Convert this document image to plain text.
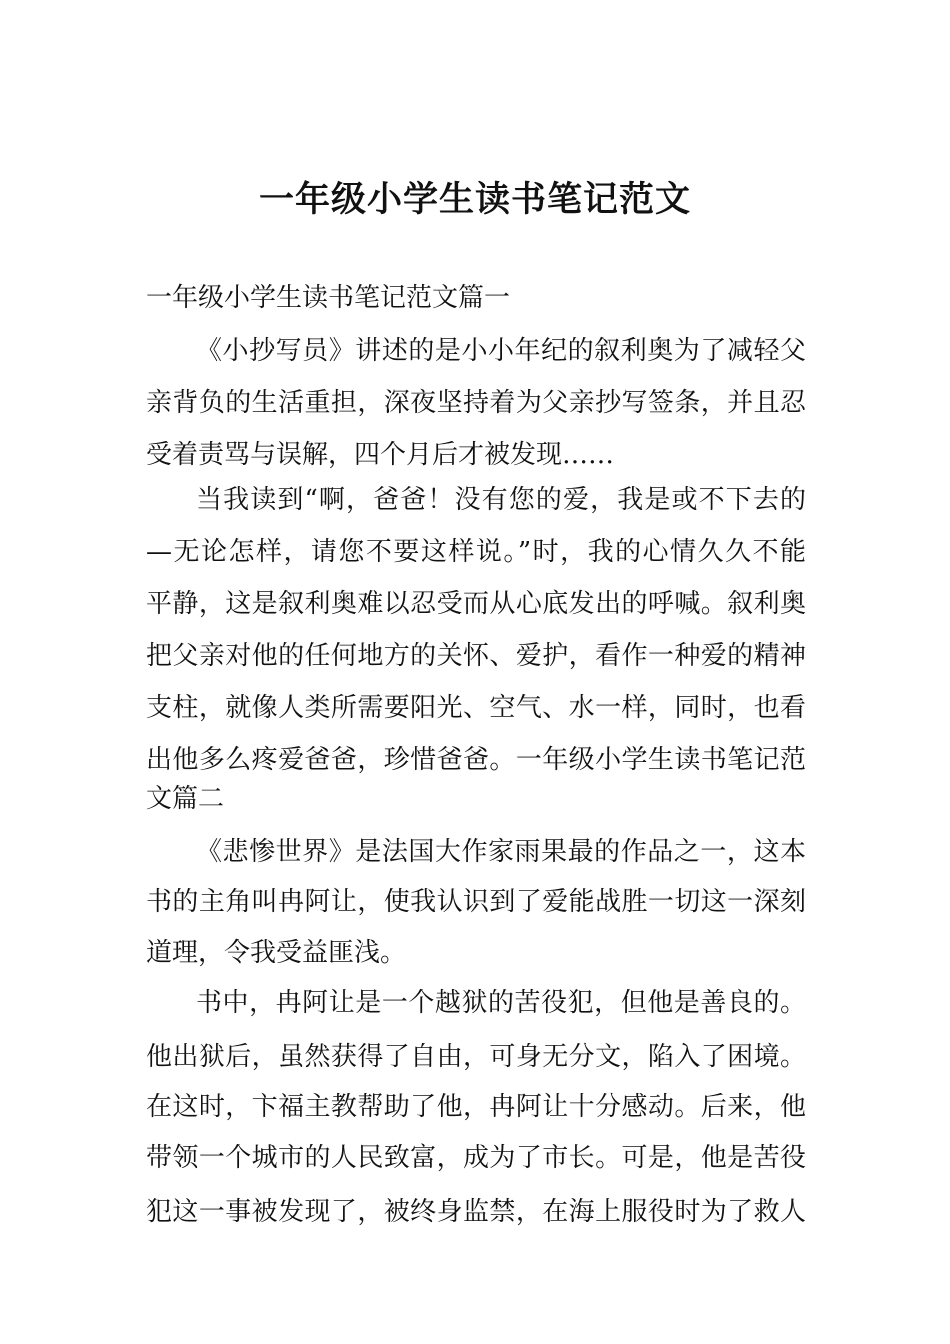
一年级小学生读书笔记范文
一年级小学生读书笔记范文篇一
《小抄写员》讲述的是小小年纪的叙利奥为了减轻父
亲背负的生活重担，深夜坚持着为父亲抄写签条，并且忍
受着责骂与误解，四个月后才被发现……
当我读到“啊，爸爸！没有您的爱，我是或不下去的
—无论怎样，请您不要这样说。”时，我的心情久久不能
平静，这是叙利奥难以忍受而从心底发出的呼喊。叙利奥
把父亲对他的任何地方的关怀、爱护，看作一种爱的精神
支柱，就像人类所需要阳光、空气、水一样，同时，也看
出他多么疼爱爸爸，珍惜爸爸。一年级小学生读书笔记范
文篇二
《悲惨世界》是法国大作家雨果最的作品之一，这本
书的主角叫冉阿让，使我认识到了爱能战胜一切这一深刻
道理，令我受益匪浅。
书中，冉阿让是一个越狱的苦役犯，但他是善良的。
他出狱后，虽然获得了自由，可身无分文，陷入了困境。
在这时，卞福主教帮助了他，冉阿让十分感动。后来，他
带领一个城市的人民致富，成为了市长。可是，他是苦役
犯这一事被发现了，被终身监禁，在海上服役时为了救人
